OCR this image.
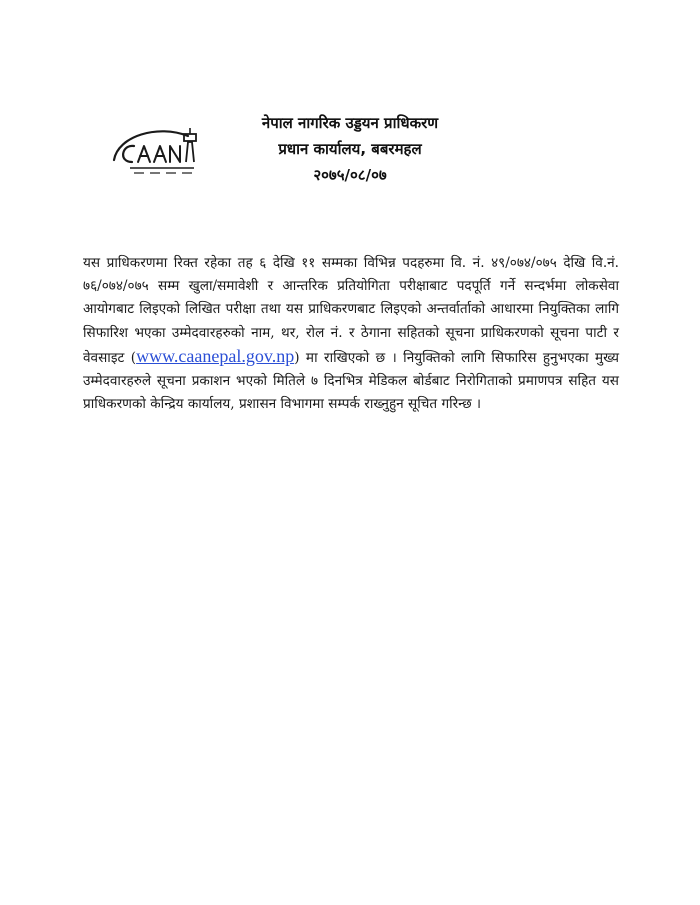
नेपाल नागरिक उड्डयन प्राधिकरण
प्रधान कार्यालय, बबरमहल
२०७५/०८/०७
यस प्राधिकरणमा रिक्त रहेका तह ६ देखि ११ सम्मका विभिन्न पदहरुमा वि. नं. ४९/०७४/०७५ देखि वि.नं. ७६/०७४/०७५ सम्म खुला/समावेशी र आन्तरिक प्रतियोगिता परीक्षाबाट पदपूर्ति गर्ने सन्दर्भमा लोकसेवा आयोगबाट लिइएको लिखित परीक्षा तथा यस प्राधिकरणबाट लिइएको अन्तर्वार्ताको आधारमा नियुक्तिका लागि सिफारिश भएका उम्मेदवारहरुको नाम, थर, रोल नं. र ठेगाना सहितको सूचना प्राधिकरणको सूचना पाटी र वेवसाइट (www.caanepal.gov.np) मा राखिएको छ । नियुक्तिको लागि सिफारिस हुनुभएका मुख्य उम्मेदवारहरुले सूचना प्रकाशन भएको मितिले ७ दिनभित्र मेडिकल बोर्डबाट निरोगिताको प्रमाणपत्र सहित यस प्राधिकरणको केन्द्रिय कार्यालय, प्रशासन विभागमा सम्पर्क राख्नुहुन सूचित गरिन्छ ।
